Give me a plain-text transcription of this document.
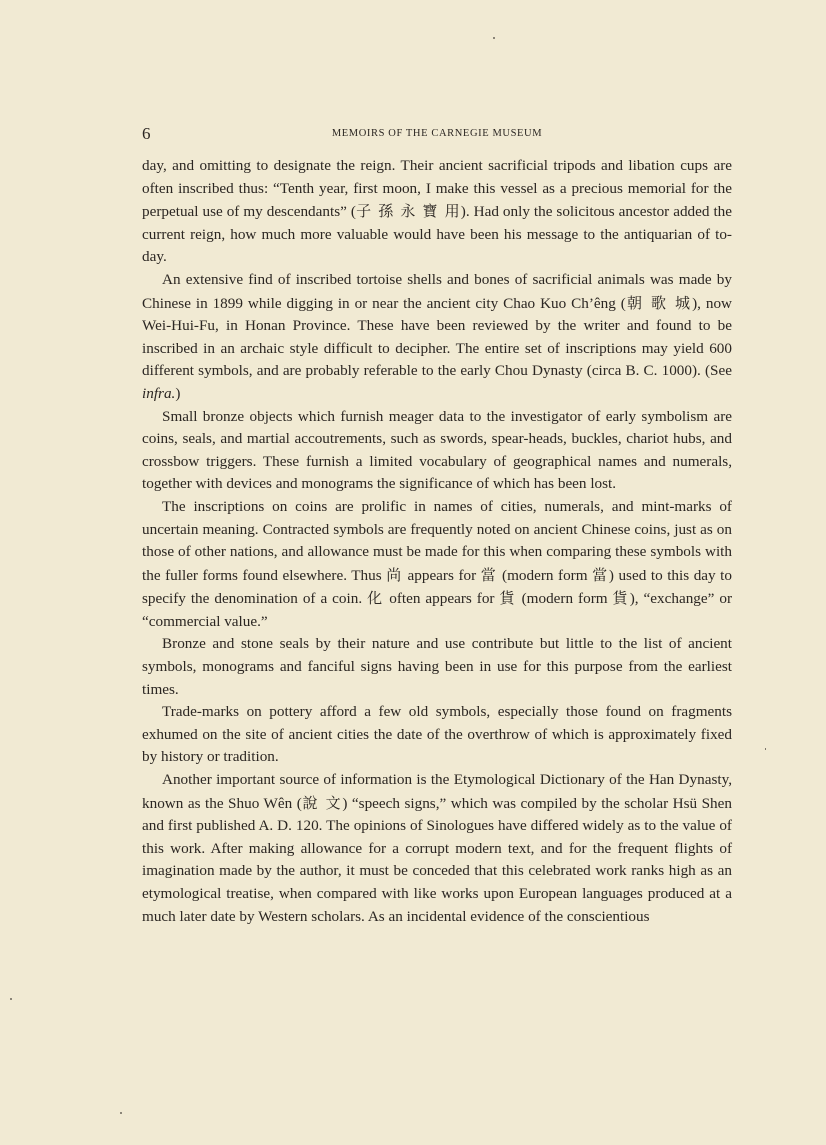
6	MEMOIRS OF THE CARNEGIE MUSEUM

day, and omitting to designate the reign. Their ancient sacrificial tripods and libation cups are often inscribed thus: “Tenth year, first moon, I make this vessel as a precious memorial for the perpetual use of my descendants” (子 孫 永 寶 用). Had only the solicitous ancestor added the current reign, how much more valuable would have been his message to the antiquarian of to-day.

An extensive find of inscribed tortoise shells and bones of sacrificial animals was made by Chinese in 1899 while digging in or near the ancient city Chao Kuo Ch’êng (朝 歌 城), now Wei-Hui-Fu, in Honan Province. These have been reviewed by the writer and found to be inscribed in an archaic style difficult to decipher. The entire set of inscriptions may yield 600 different symbols, and are probably referable to the early Chou Dynasty (circa B. C. 1000). (See infra.)

Small bronze objects which furnish meager data to the investigator of early symbolism are coins, seals, and martial accoutrements, such as swords, spear-heads, buckles, chariot hubs, and crossbow triggers. These furnish a limited vocabulary of geographical names and numerals, together with devices and monograms the significance of which has been lost.

The inscriptions on coins are prolific in names of cities, numerals, and mint-marks of uncertain meaning. Contracted symbols are frequently noted on ancient Chinese coins, just as on those of other nations, and allowance must be made for this when comparing these symbols with the fuller forms found elsewhere. Thus 尚 appears for 當 (modern form 當) used to this day to specify the denomination of a coin. 化 often appears for 貨 (modern form 貨), “exchange” or “commercial value.”

Bronze and stone seals by their nature and use contribute but little to the list of ancient symbols, monograms and fanciful signs having been in use for this purpose from the earliest times.

Trade-marks on pottery afford a few old symbols, especially those found on fragments exhumed on the site of ancient cities the date of the overthrow of which is approximately fixed by history or tradition.

Another important source of information is the Etymological Dictionary of the Han Dynasty, known as the Shuo Wên (說 文) “speech signs,” which was compiled by the scholar Hsü Shen and first published A. D. 120. The opinions of Sinologues have differed widely as to the value of this work. After making allowance for a corrupt modern text, and for the frequent flights of imagination made by the author, it must be conceded that this celebrated work ranks high as an etymological treatise, when compared with like works upon European languages produced at a much later date by Western scholars. As an incidental evidence of the conscientious
